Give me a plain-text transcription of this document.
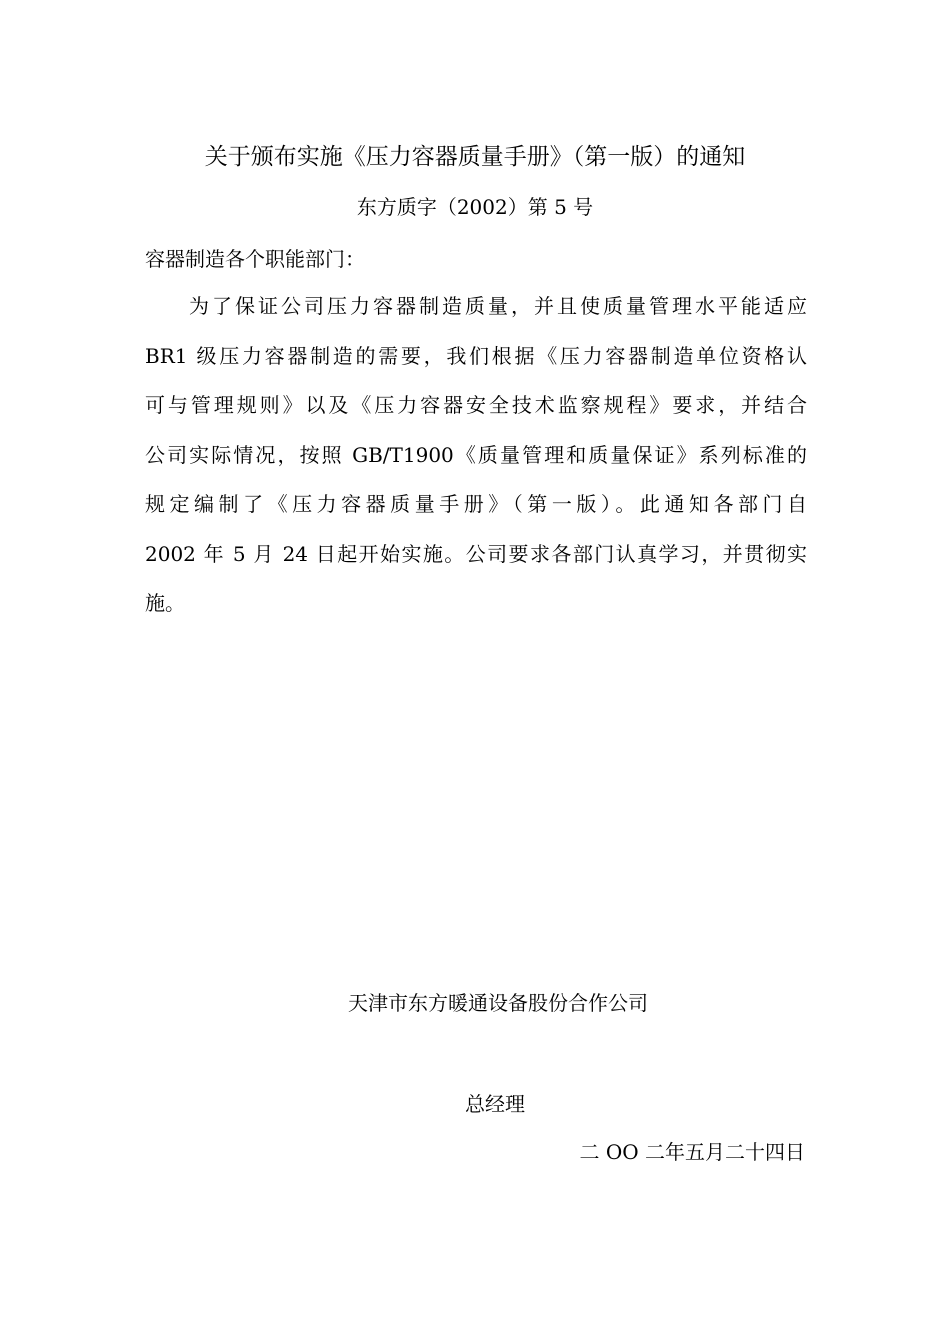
关于颁布实施《压力容器质量手册》（第一版）的通知
东方质字（2002）第 5 号
容器制造各个职能部门：
为了保证公司压力容器制造质量，并且使质量管理水平能适应
BR1 级压力容器制造的需要，我们根据《压力容器制造单位资格认
可与管理规则》以及《压力容器安全技术监察规程》要求，并结合
公司实际情况，按照 GB/T1900《质量管理和质量保证》系列标准的
规定编制了《压力容器质量手册》（第一版）。此通知各部门自
2002 年 5 月 24 日起开始实施。公司要求各部门认真学习，并贯彻实
施。
天津市东方暖通设备股份合作公司
总经理
二 OO 二年五月二十四日
